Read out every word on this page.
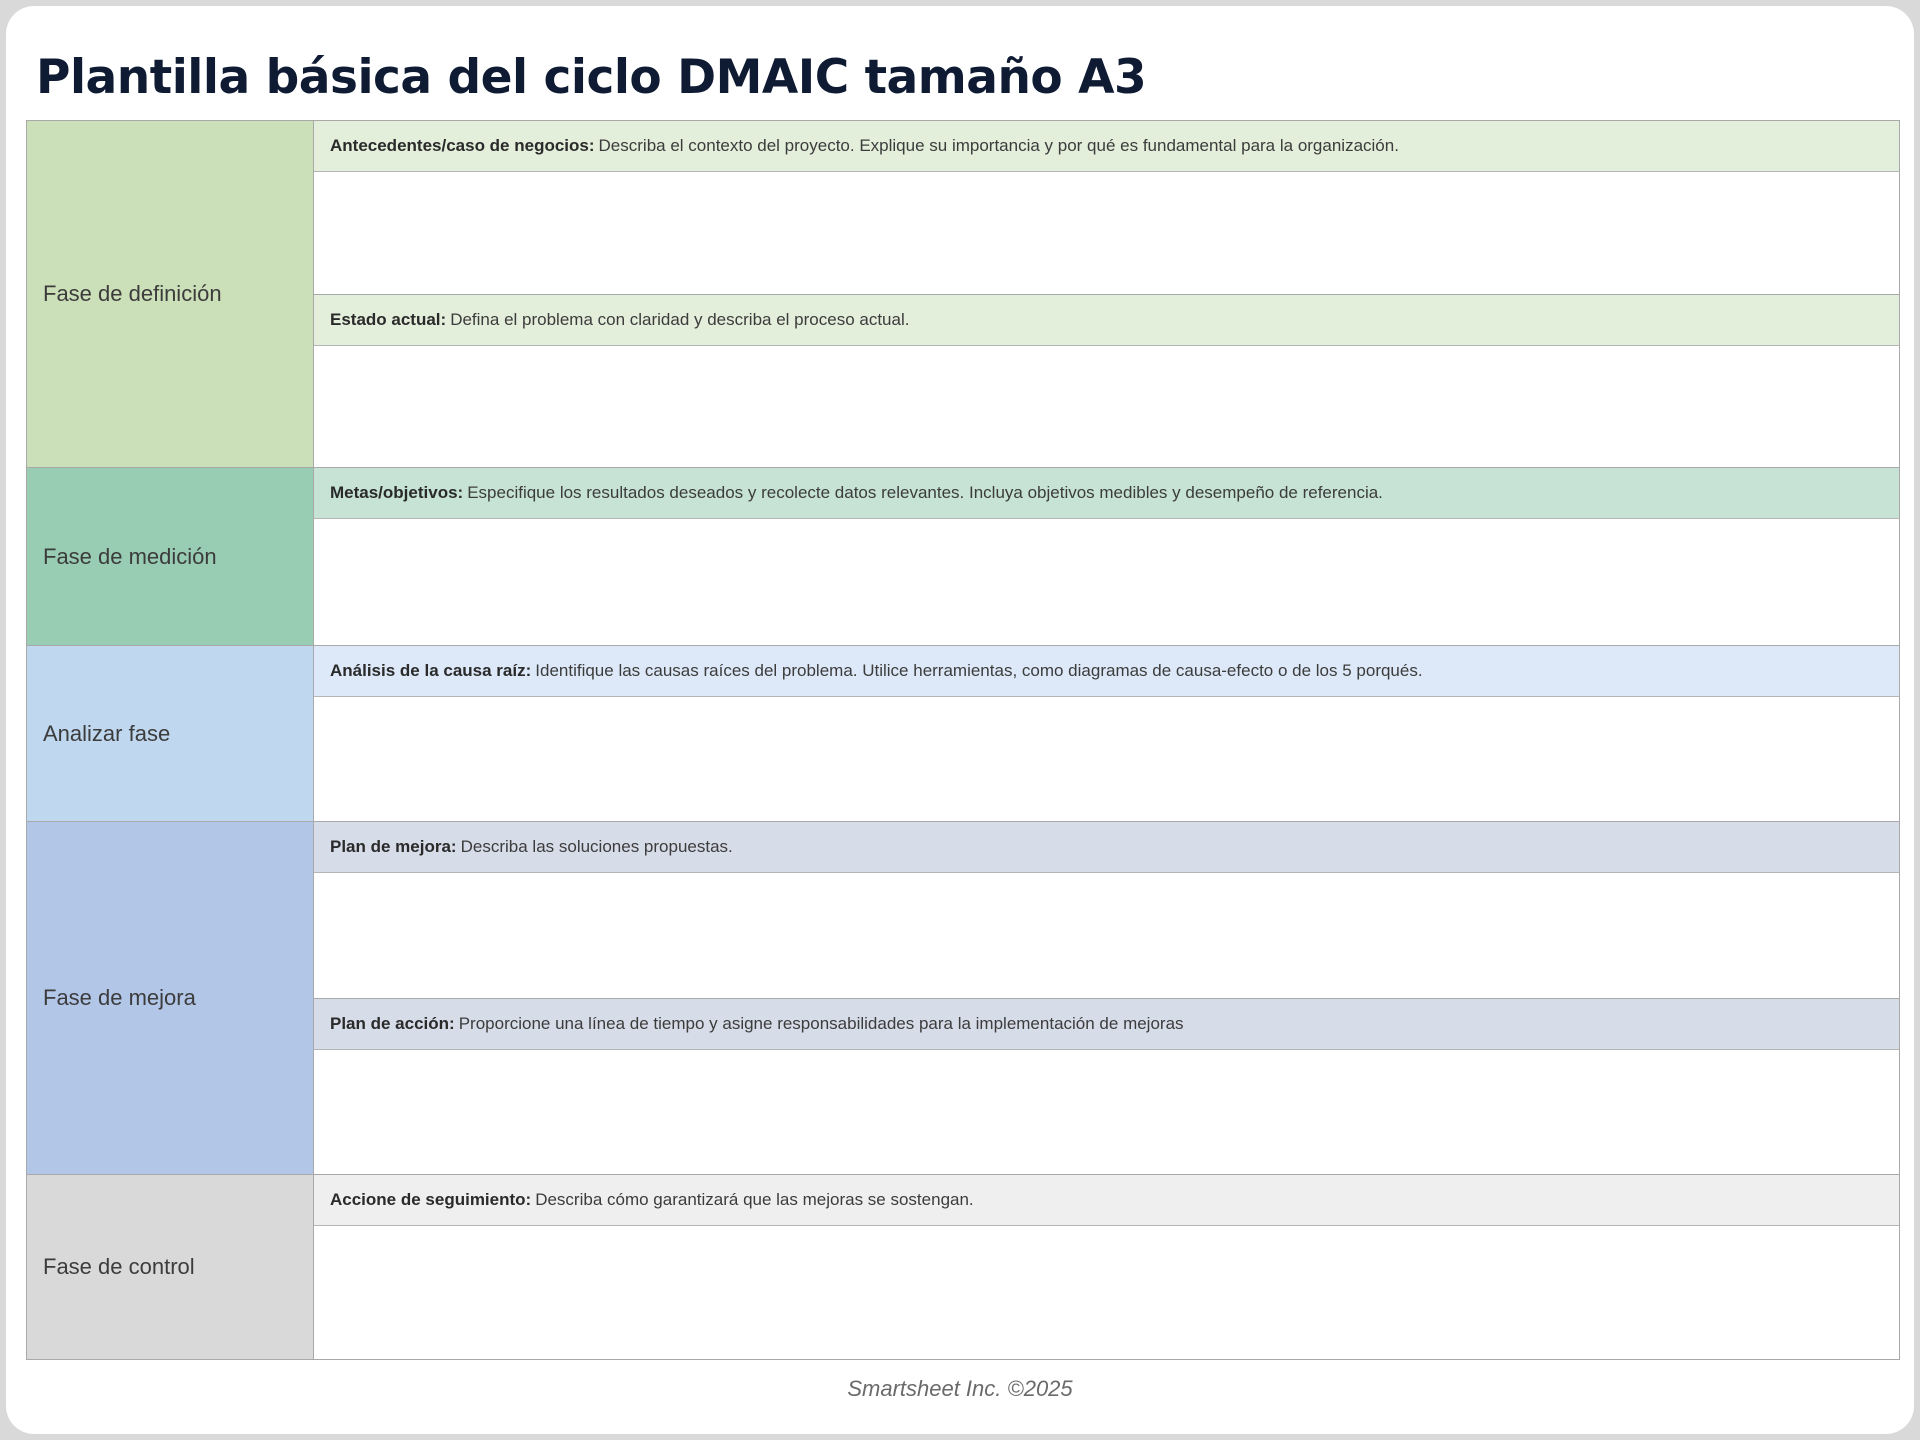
Plantilla básica del ciclo DMAIC tamaño A3
Fase de definición
Antecedentes/caso de negocios: Describa el contexto del proyecto. Explique su importancia y por qué es fundamental para la organización.
Estado actual: Defina el problema con claridad y describa el proceso actual.
Fase de medición
Metas/objetivos: Especifique los resultados deseados y recolecte datos relevantes. Incluya objetivos medibles y desempeño de referencia.
Analizar fase
Análisis de la causa raíz: Identifique las causas raíces del problema. Utilice herramientas, como diagramas de causa-efecto o de los 5 porqués.
Fase de mejora
Plan de mejora: Describa las soluciones propuestas.
Plan de acción: Proporcione una línea de tiempo y asigne responsabilidades para la implementación de mejoras
Fase de control
Accione de seguimiento: Describa cómo garantizará que las mejoras se sostengan.
Smartsheet Inc. ©2025
